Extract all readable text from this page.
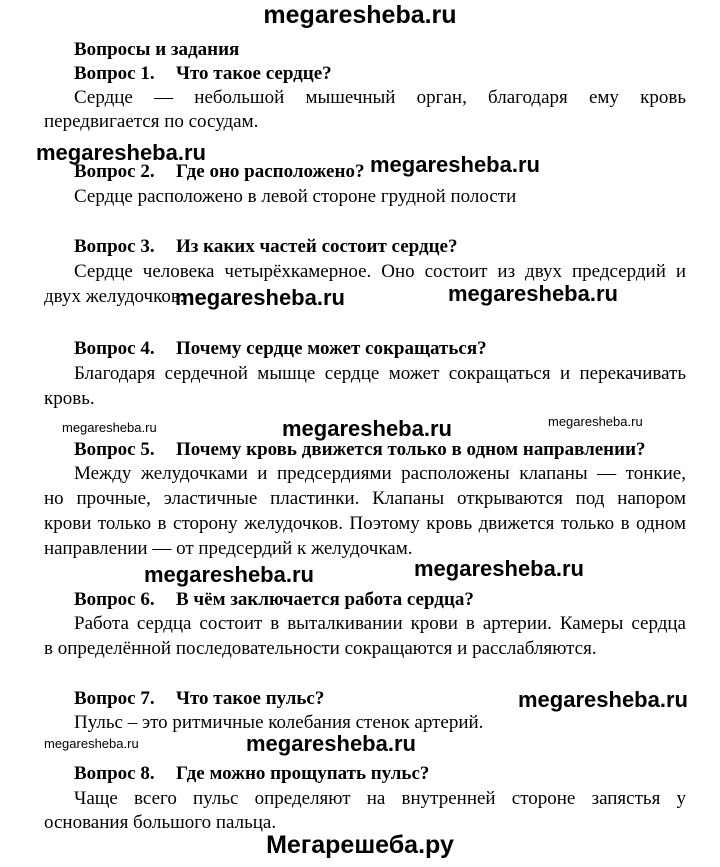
megaresheba.ru
Вопросы и задания
Вопрос 1. Что такое сердце?
Сердце — небольшой мышечный орган, благодаря ему кровь
передвигается по сосудам.
megaresheba.ru	megaresheba.ru
Вопрос 2. Где оно расположено?
Сердце расположено в левой стороне грудной полости
Вопрос 3. Из каких частей состоит сердце?
Сердце человека четырёхкамерное. Оно состоит из двух предсердий и
двух желудочков.
megaresheba.ru	megaresheba.ru
Вопрос 4. Почему сердце может сокращаться?
Благодаря сердечной мышце сердце может сокращаться и перекачивать
кровь.
megaresheba.ru	megaresheba.ru	megaresheba.ru
Вопрос 5. Почему кровь движется только в одном направлении?
Между желудочками и предсердиями расположены клапаны — тонкие,
но прочные, эластичные пластинки. Клапаны открываются под напором
крови только в сторону желудочков. Поэтому кровь движется только в одном
направлении — от предсердий к желудочкам.
megaresheba.ru	megaresheba.ru
Вопрос 6. В чём заключается работа сердца?
Работа сердца состоит в выталкивании крови в артерии. Камеры сердца
в определённой последовательности сокращаются и расслабляются.
Вопрос 7. Что такое пульс?	megaresheba.ru
Пульс – это ритмичные колебания стенок артерий.
megaresheba.ru	megaresheba.ru
Вопрос 8. Где можно прощупать пульс?
Чаще всего пульс определяют на внутренней стороне запястья у
основания большого пальца.
Мегарешеба.ру
